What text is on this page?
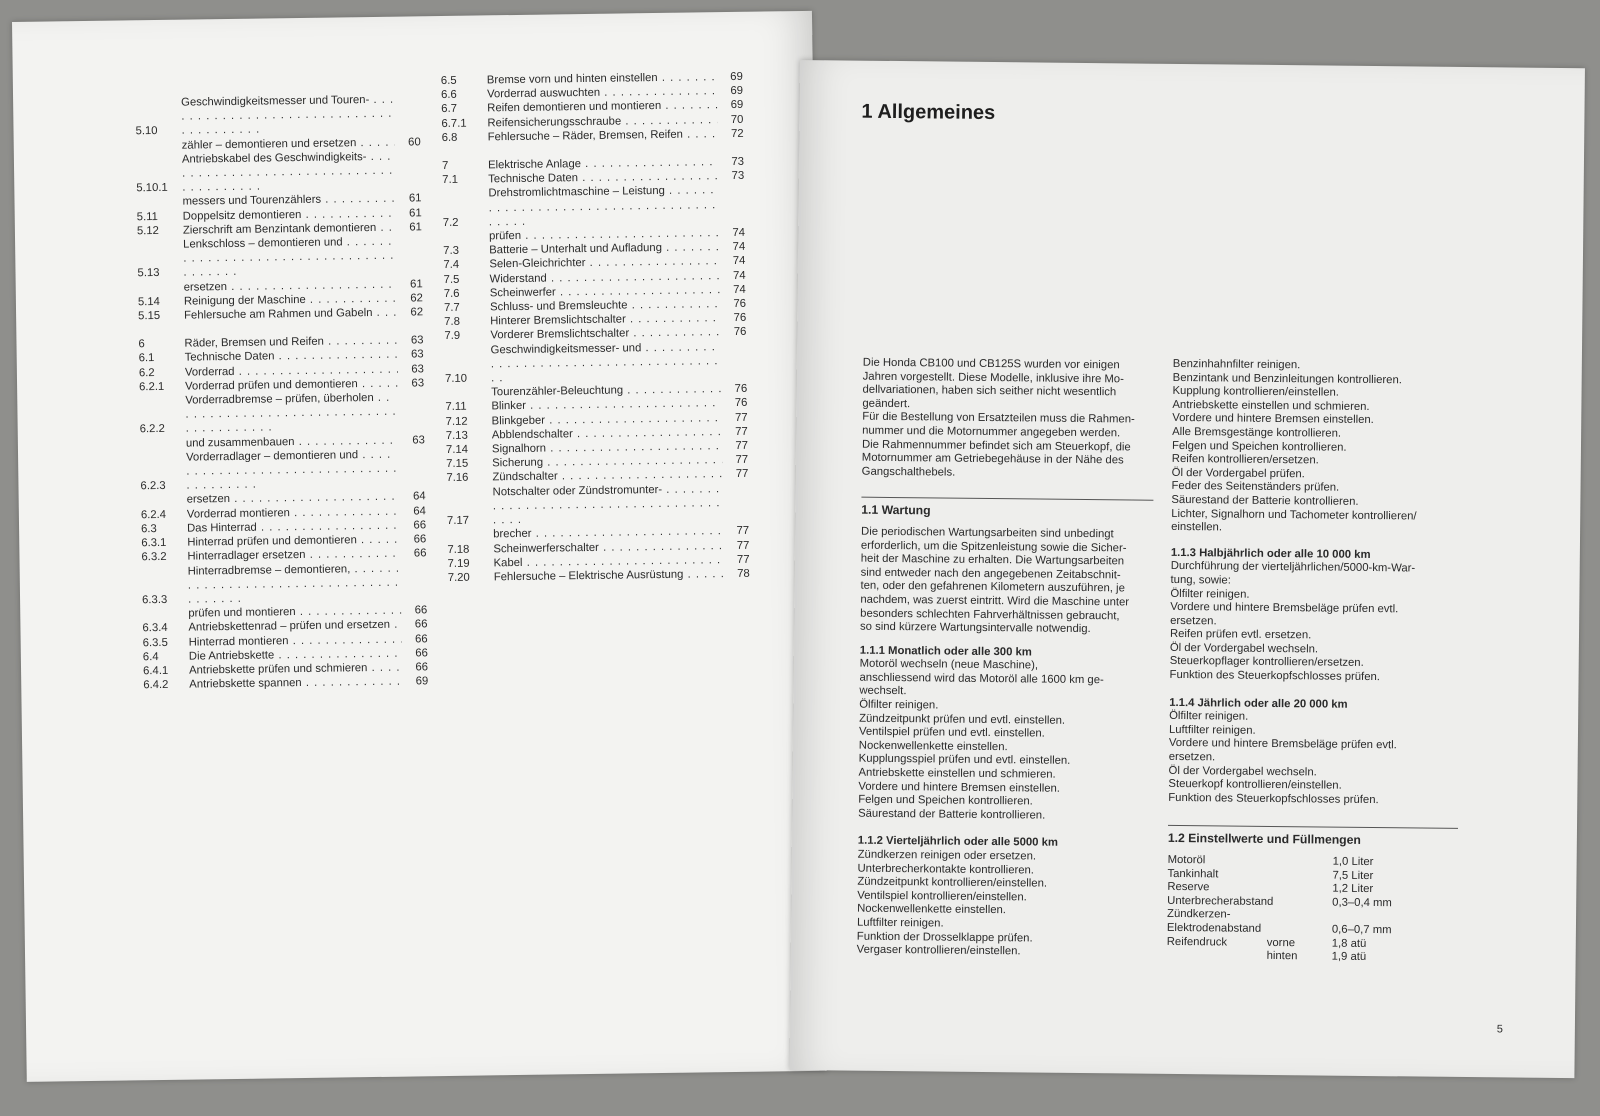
5.10
Geschwindigkeitsmesser und Touren- . . .
zähler – demontieren und ersetzen . . .	60
5.10.1
Antriebskabel des Geschwindigkeits- . . .
messers und Tourenzählers . . .	61
5.11	Doppelsitz demontieren . . .	61
5.12	Zierschrift am Benzintank demontieren . . .	61
5.13
Lenkschloss – demontieren und . . .
ersetzen . . .	61
5.14	Reinigung der Maschine . . .	62
5.15	Fehlersuche am Rahmen und Gabeln . . .	62
6	Räder, Bremsen und Reifen . . .	63
6.1	Technische Daten . . .	63
6.2	Vorderrad . . .	63
6.2.1	Vorderrad prüfen und demontieren . . .	63
6.2.2
Vorderradbremse – prüfen, überholen . . .
und zusammenbauen . . .	63
6.2.3
Vorderradlager – demontieren und . . .
ersetzen . . .	64
6.2.4	Vorderrad montieren . . .	64
6.3	Das Hinterrad . . .	66
6.3.1	Hinterrad prüfen und demontieren . . .	66
6.3.2	Hinterradlager ersetzen . . .	66
6.3.3
Hinterradbremse – demontieren, . . .
prüfen und montieren . . .	66
6.3.4	Antriebskettenrad – prüfen und ersetzen . . .	66
6.3.5	Hinterrad montieren . . .	66
6.4	Die Antriebskette . . .	66
6.4.1	Antriebskette prüfen und schmieren . . .	66
6.4.2	Antriebskette spannen . . .	69
6.5	Bremse vorn und hinten einstellen . . .	69
6.6	Vorderrad auswuchten . . .	69
6.7	Reifen demontieren und montieren . . .	69
6.7.1	Reifensicherungsschraube . . .	70
6.8	Fehlersuche – Räder, Bremsen, Reifen . . .	72
7	Elektrische Anlage . . .	73
7.1	Technische Daten . . .	73
7.2
Drehstromlichtmaschine – Leistung . . .
prüfen . . .	74
7.3	Batterie – Unterhalt und Aufladung . . .	74
7.4	Selen-Gleichrichter . . .	74
7.5	Widerstand . . .	74
7.6	Scheinwerfer . . .	74
7.7	Schluss- und Bremsleuchte . . .	76
7.8	Hinterer Bremslichtschalter . . .	76
7.9	Vorderer Bremslichtschalter . . .	76
7.10
Geschwindigkeitsmesser- und . . .
Tourenzähler-Beleuchtung . . .	76
7.11	Blinker . . .	76
7.12	Blinkgeber . . .	77
7.13	Abblendschalter . . .	77
7.14	Signalhorn . . .	77
7.15	Sicherung . . .	77
7.16	Zündschalter . . .	77
7.17
Notschalter oder Zündstromunter- . . .
brecher . . .	77
7.18	Scheinwerferschalter . . .	77
7.19	Kabel . . .	77
7.20	Fehlersuche – Elektrische Ausrüstung . . .	78
1 Allgemeines
Die Honda CB100 und CB125S wurden vor einigen
Jahren vorgestellt. Diese Modelle, inklusive ihre Mo-
dellvariationen, haben sich seither nicht wesentlich
geändert.
Für die Bestellung von Ersatzteilen muss die Rahmen-
nummer und die Motornummer angegeben werden.
Die Rahmennummer befindet sich am Steuerkopf, die
Motornummer am Getriebegehäuse in der Nähe des
Gangschalthebels.
1.1 Wartung
Die periodischen Wartungsarbeiten sind unbedingt
erforderlich, um die Spitzenleistung sowie die Sicher-
heit der Maschine zu erhalten. Die Wartungsarbeiten
sind entweder nach den angegebenen Zeitabschnit-
ten, oder den gefahrenen Kilometern auszuführen, je
nachdem, was zuerst eintritt. Wird die Maschine unter
besonders schlechten Fahrverhältnissen gebraucht,
so sind kürzere Wartungsintervalle notwendig.
1.1.1 Monatlich oder alle 300 km
Motoröl wechseln (neue Maschine),
anschliessend wird das Motoröl alle 1600 km ge-
wechselt.
Ölfilter reinigen.
Zündzeitpunkt prüfen und evtl. einstellen.
Ventilspiel prüfen und evtl. einstellen.
Nockenwellenkette einstellen.
Kupplungsspiel prüfen und evtl. einstellen.
Antriebskette einstellen und schmieren.
Vordere und hintere Bremsen einstellen.
Felgen und Speichen kontrollieren.
Säurestand der Batterie kontrollieren.
1.1.2 Vierteljährlich oder alle 5000 km
Zündkerzen reinigen oder ersetzen.
Unterbrecherkontakte kontrollieren.
Zündzeitpunkt kontrollieren/einstellen.
Ventilspiel kontrollieren/einstellen.
Nockenwellenkette einstellen.
Luftfilter reinigen.
Funktion der Drosselklappe prüfen.
Vergaser kontrollieren/einstellen.
Benzinhahnfilter reinigen.
Benzintank und Benzinleitungen kontrollieren.
Kupplung kontrollieren/einstellen.
Antriebskette einstellen und schmieren.
Vordere und hintere Bremsen einstellen.
Alle Bremsgestänge kontrollieren.
Felgen und Speichen kontrollieren.
Reifen kontrollieren/ersetzen.
Öl der Vordergabel prüfen.
Feder des Seitenständers prüfen.
Säurestand der Batterie kontrollieren.
Lichter, Signalhorn und Tachometer kontrollieren/
einstellen.
1.1.3 Halbjährlich oder alle 10 000 km
Durchführung der vierteljährlichen/5000-km-War-
tung, sowie:
Ölfilter reinigen.
Vordere und hintere Bremsbeläge prüfen evtl.
ersetzen.
Reifen prüfen evtl. ersetzen.
Öl der Vordergabel wechseln.
Steuerkopflager kontrollieren/ersetzen.
Funktion des Steuerkopfschlosses prüfen.
1.1.4 Jährlich oder alle 20 000 km
Ölfilter reinigen.
Luftfilter reinigen.
Vordere und hintere Bremsbeläge prüfen evtl.
ersetzen.
Öl der Vordergabel wechseln.
Steuerkopf kontrollieren/einstellen.
Funktion des Steuerkopfschlosses prüfen.
1.2 Einstellwerte und Füllmengen
Motoröl	1,0 Liter
Tankinhalt	7,5 Liter
Reserve	1,2 Liter
Unterbrecherabstand	0,3–0,4 mm
Zündkerzen-
Elektrodenabstand	0,6–0,7 mm
Reifendruck	vorne	1,8 atü
hinten	1,9 atü
5
